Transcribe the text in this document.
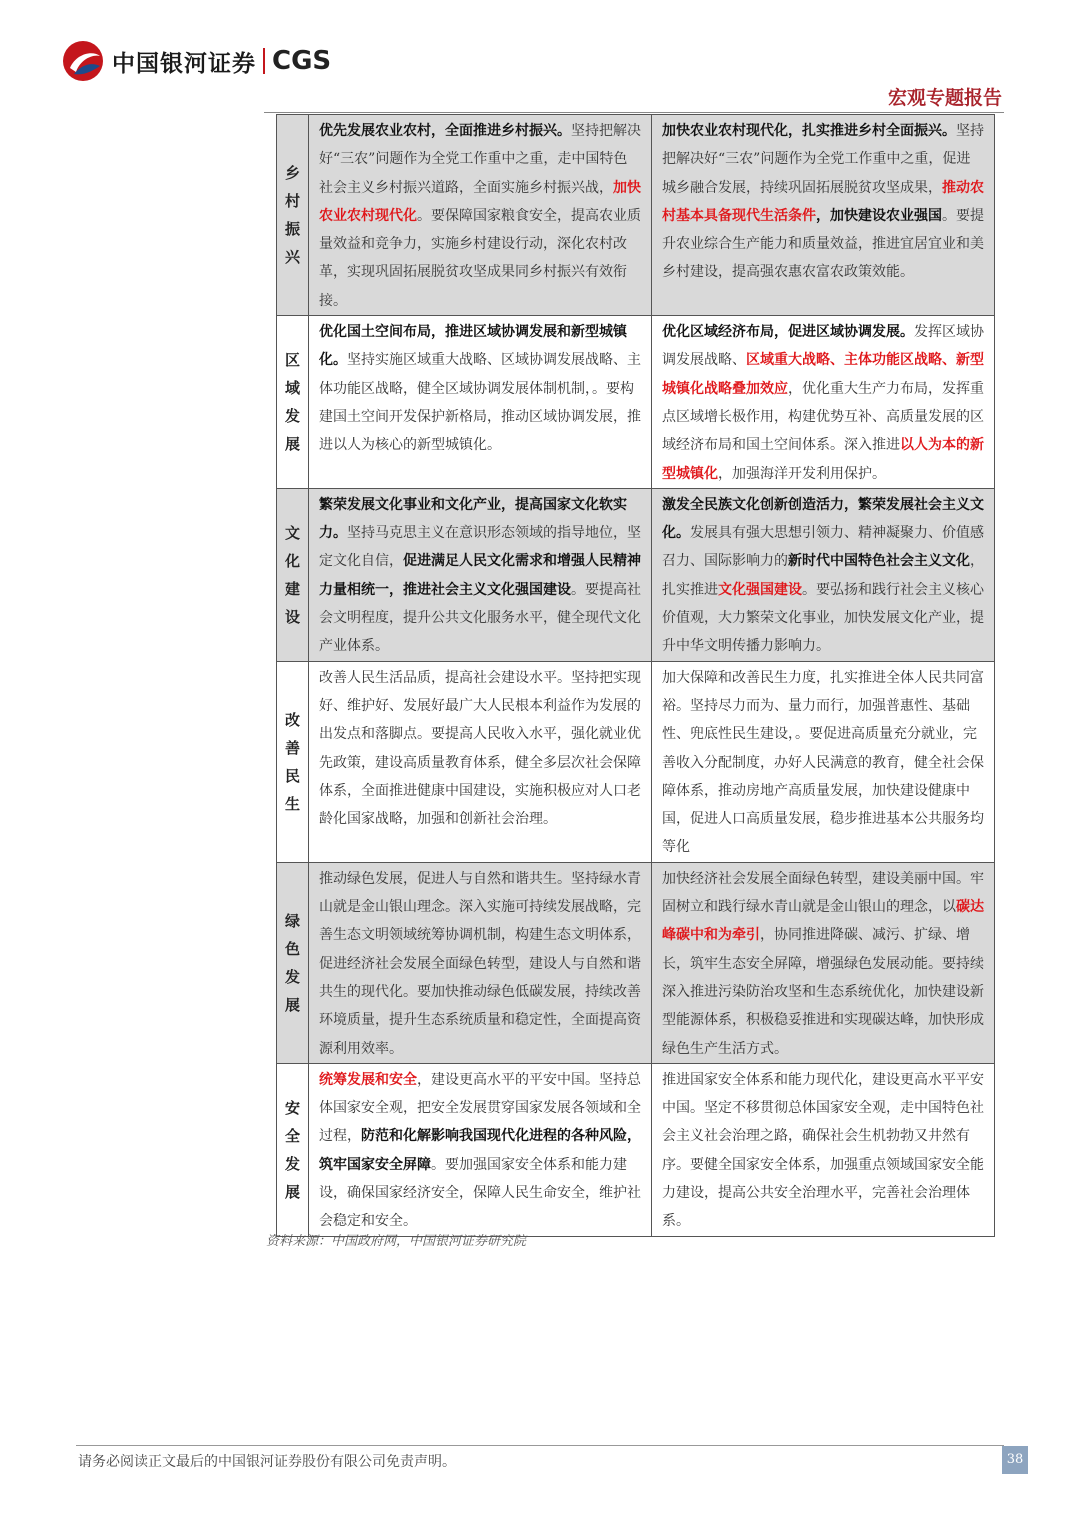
中国银河证券 CGS
宏观专题报告
乡
村
振
兴	优先发展农业农村，全面推进乡村振兴。坚持把解决好“三农”问题作为全党工作重中之重，走中国特色社会主义乡村振兴道路，全面实施乡村振兴战，加快农业农村现代化。要保障国家粮食安全，提高农业质量效益和竞争力，实施乡村建设行动，深化农村改革，实现巩固拓展脱贫攻坚成果同乡村振兴有效衔接。	加快农业农村现代化，扎实推进乡村全面振兴。坚持把解决好“三农”问题作为全党工作重中之重，促进城乡融合发展，持续巩固拓展脱贫攻坚成果，推动农村基本具备现代生活条件，加快建设农业强国。要提升农业综合生产能力和质量效益，推进宜居宜业和美乡村建设，提高强农惠农富农政策效能。

区
域
发
展	优化国土空间布局，推进区域协调发展和新型城镇化。坚持实施区域重大战略、区域协调发展战略、主体功能区战略，健全区域协调发展体制机制，。要构建国土空间开发保护新格局，推动区域协调发展，推进以人为核心的新型城镇化。	优化区域经济布局，促进区域协调发展。发挥区域协调发展战略、区域重大战略、主体功能区战略、新型城镇化战略叠加效应，优化重大生产力布局，发挥重点区域增长极作用，构建优势互补、高质量发展的区域经济布局和国土空间体系。深入推进以人为本的新型城镇化，加强海洋开发利用保护。

文
化
建
设	繁荣发展文化事业和文化产业，提高国家文化软实力。坚持马克思主义在意识形态领域的指导地位，坚定文化自信，促进满足人民文化需求和增强人民精神力量相统一，推进社会主义文化强国建设。要提高社会文明程度，提升公共文化服务水平，健全现代文化产业体系。	激发全民族文化创新创造活力，繁荣发展社会主义文化。发展具有强大思想引领力、精神凝聚力、价值感召力、国际影响力的新时代中国特色社会主义文化，扎实推进文化强国建设。要弘扬和践行社会主义核心价值观，大力繁荣文化事业，加快发展文化产业，提升中华文明传播力影响力。

改
善
民
生	改善人民生活品质，提高社会建设水平。坚持把实现好、维护好、发展好最广大人民根本利益作为发展的出发点和落脚点。要提高人民收入水平，强化就业优先政策，建设高质量教育体系，健全多层次社会保障体系，全面推进健康中国建设，实施积极应对人口老龄化国家战略，加强和创新社会治理。	加大保障和改善民生力度，扎实推进全体人民共同富裕。坚持尽力而为、量力而行，加强普惠性、基础性、兜底性民生建设，。要促进高质量充分就业，完善收入分配制度，办好人民满意的教育，健全社会保障体系，推动房地产高质量发展，加快建设健康中国，促进人口高质量发展，稳步推进基本公共服务均等化

绿
色
发
展	推动绿色发展，促进人与自然和谐共生。坚持绿水青山就是金山银山理念。深入实施可持续发展战略，完善生态文明领域统筹协调机制，构建生态文明体系，促进经济社会发展全面绿色转型，建设人与自然和谐共生的现代化。要加快推动绿色低碳发展，持续改善环境质量，提升生态系统质量和稳定性，全面提高资源利用效率。	加快经济社会发展全面绿色转型，建设美丽中国。牢固树立和践行绿水青山就是金山银山的理念，以碳达峰碳中和为牵引，协同推进降碳、减污、扩绿、增长，筑牢生态安全屏障，增强绿色发展动能。要持续深入推进污染防治攻坚和生态系统优化，加快建设新型能源体系，积极稳妥推进和实现碳达峰，加快形成绿色生产生活方式。

安
全
发
展	统筹发展和安全，建设更高水平的平安中国。坚持总体国家安全观，把安全发展贯穿国家发展各领域和全过程，防范和化解影响我国现代化进程的各种风险，筑牢国家安全屏障。要加强国家安全体系和能力建设，确保国家经济安全，保障人民生命安全，维护社会稳定和安全。	推进国家安全体系和能力现代化，建设更高水平平安中国。坚定不移贯彻总体国家安全观，走中国特色社会主义社会治理之路，确保社会生机勃勃又井然有序。要健全国家安全体系，加强重点领域国家安全能力建设，提高公共安全治理水平，完善社会治理体系。
资料来源：中国政府网，中国银河证券研究院
请务必阅读正文最后的中国银河证券股份有限公司免责声明。	38
